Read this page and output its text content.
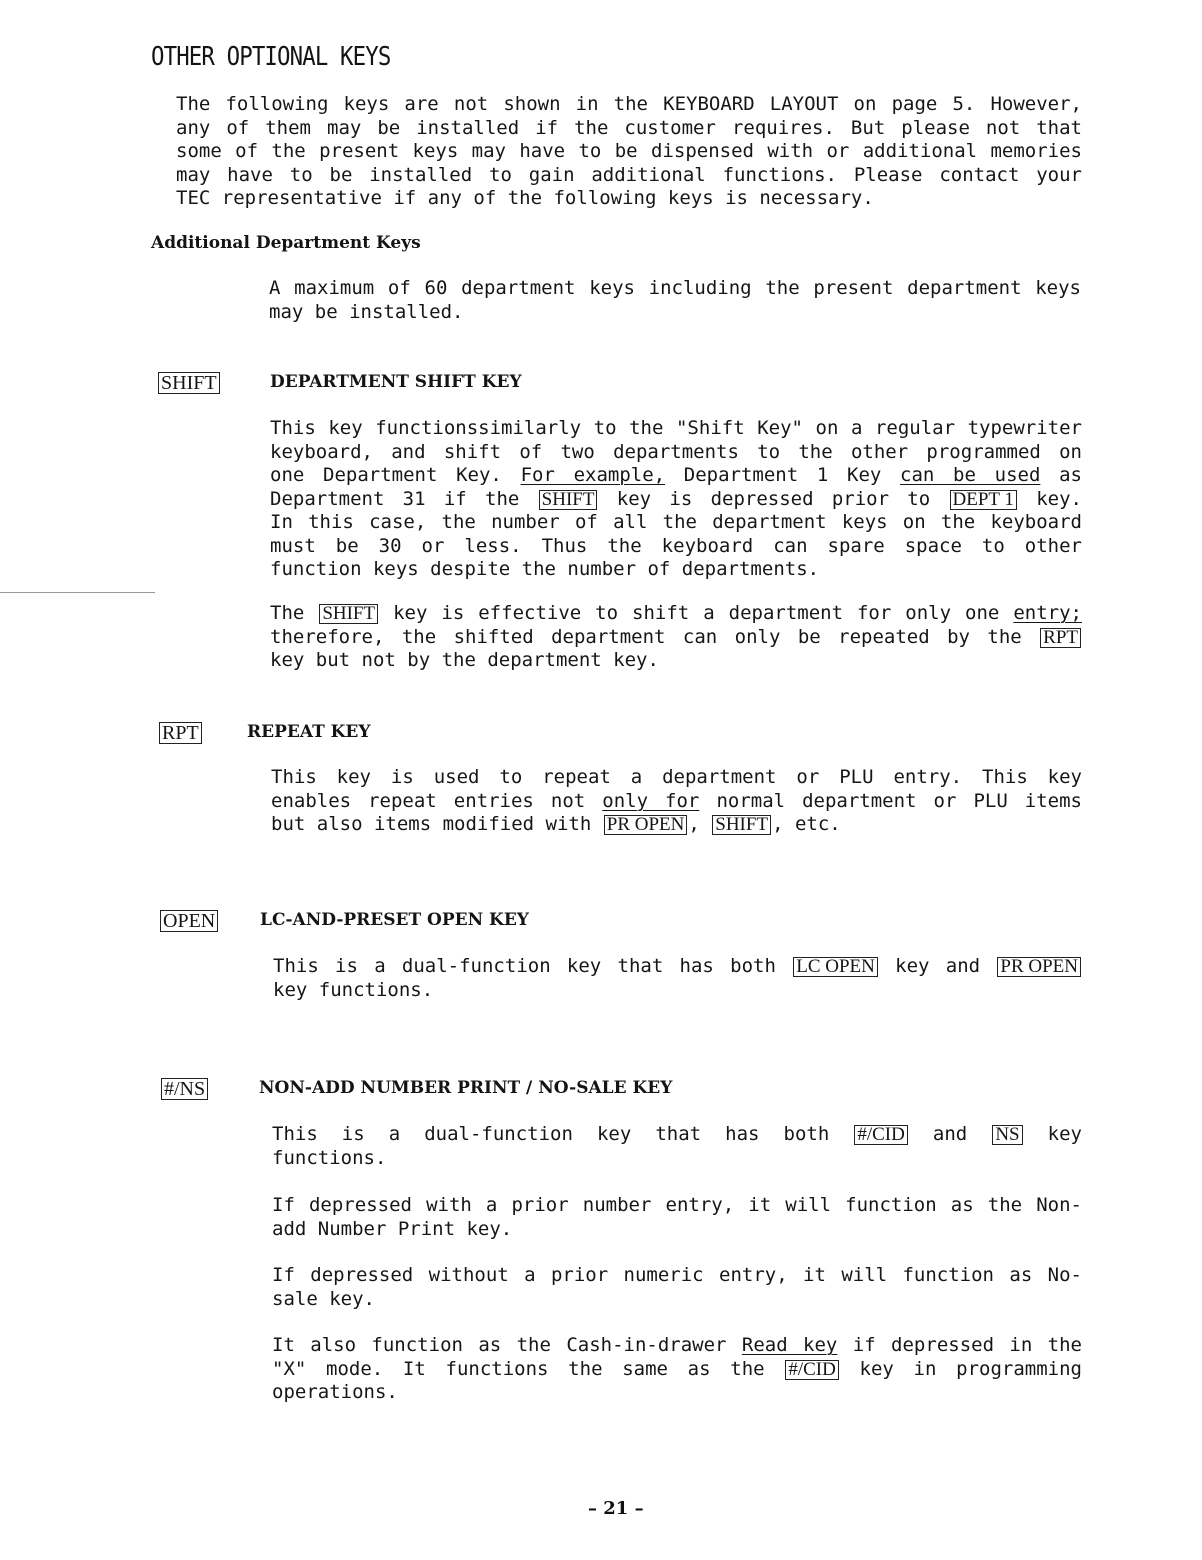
OTHER OPTIONAL KEYS
The following keys are not shown in the KEYBOARD LAYOUT on page 5. However,
any of them may be installed if the customer requires. But please not that
some of the present keys may have to be dispensed with or additional memories
may have to be installed to gain additional functions. Please contact your
TEC representative if any of the following keys is necessary.
Additional Department Keys
A maximum of 60 department keys including the present department keys
may be installed.
SHIFT	DEPARTMENT SHIFT KEY
This key functionssimilarly to the "Shift Key" on a regular typewriter
keyboard, and shift of two departments to the other programmed on
one Department Key. For example, Department 1 Key can be used as
Department 31 if the SHIFT key is depressed prior to DEPT 1 key.
In this case, the number of all the department keys on the keyboard
must be 30 or less. Thus the keyboard can spare space to other
function keys despite the number of departments.
The SHIFT key is effective to shift a department for only one entry;
therefore, the shifted department can only be repeated by the RPT
key but not by the department key.
RPT	REPEAT KEY
This key is used to repeat a department or PLU entry. This key
enables repeat entries not only for normal department or PLU items
but also items modified with PR OPEN , SHIFT , etc.
OPEN	LC-AND-PRESET OPEN KEY
This is a dual-function key that has both LC OPEN key and PR OPEN
key functions.
#/NS	NON-ADD NUMBER PRINT / NO-SALE KEY
This is a dual-function key that has both #/CID and NS key
functions.
If depressed with a prior number entry, it will function as the Non-
add Number Print key.
If depressed without a prior numeric entry, it will function as No-
sale key.
It also function as the Cash-in-drawer Read key if depressed in the
"X" mode. It functions the same as the #/CID key in programming
operations.
– 21 –
